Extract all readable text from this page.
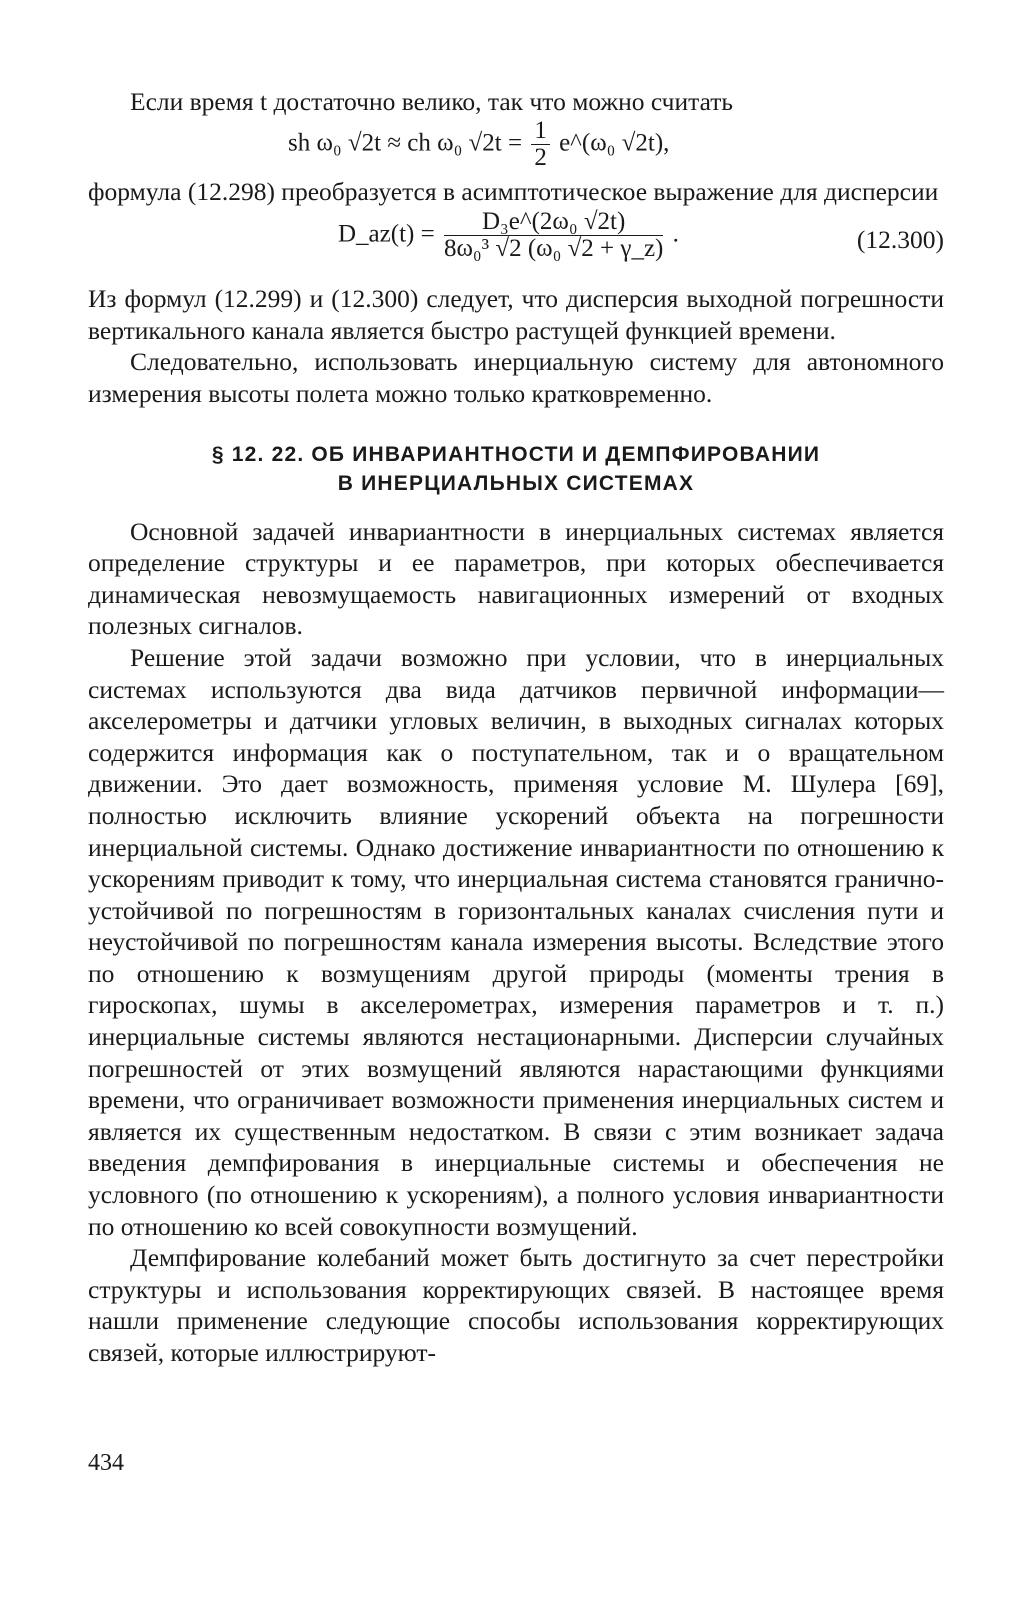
Если время t достаточно велико, так что можно считать

sh ω₀ √2t ≈ ch ω₀ $√2t = \frac{1}{2}$ e^(ω₀ √2t),

формула (12.298) преобразуется в асимптотическое выражение для дисперсии

D_az(t) = $\frac{\text{D₃e\textasciicircum{}(2ω₀ √2t)}}{\text{8ω₀³ √2 (ω₀ √2 + γ\_z)}}$ .	(12.300)

Из формул (12.299) и (12.300) следует, что дисперсия выходной погрешности вертикального канала является быстро растущей функцией времени.

Следовательно, использовать инерциальную систему для автономного измерения высоты полета можно только кратковременно.

§ 12. 22. ОБ ИНВАРИАНТНОСТИ И ДЕМПФИРОВАНИИ
В ИНЕРЦИАЛЬНЫХ СИСТЕМАХ

Основной задачей инвариантности в инерциальных системах является определение структуры и ее параметров, при которых обеспечивается динамическая невозмущаемость навигационных измерений от входных полезных сигналов.

Решение этой задачи возможно при условии, что в инерциальных системах используются два вида датчиков первичной информации—акселерометры и датчики угловых величин, в выходных сигналах которых содержится информация как о поступательном, так и о вращательном движении. Это дает возможность, применяя условие М. Шулера [69], полностью исключить влияние ускорений объекта на погрешности инерциальной системы. Однако достижение инвариантности по отношению к ускорениям приводит к тому, что инерциальная система становятся гранично-устойчивой по погрешностям в горизонтальных каналах счисления пути и неустойчивой по погрешностям канала измерения высоты. Вследствие этого по отношению к возмущениям другой природы (моменты трения в гироскопах, шумы в акселерометрах, измерения параметров и т. п.) инерциальные системы являются нестационарными. Дисперсии случайных погрешностей от этих возмущений являются нарастающими функциями времени, что ограничивает возможности применения инерциальных систем и является их существенным недостатком. В связи с этим возникает задача введения демпфирования в инерциальные системы и обеспечения не условного (по отношению к ускорениям), а полного условия инвариантности по отношению ко всей совокупности возмущений.

Демпфирование колебаний может быть достигнуто за счет перестройки структуры и использования корректирующих связей. В настоящее время нашли применение следующие способы использования корректирующих связей, которые иллюстрируют-

434
